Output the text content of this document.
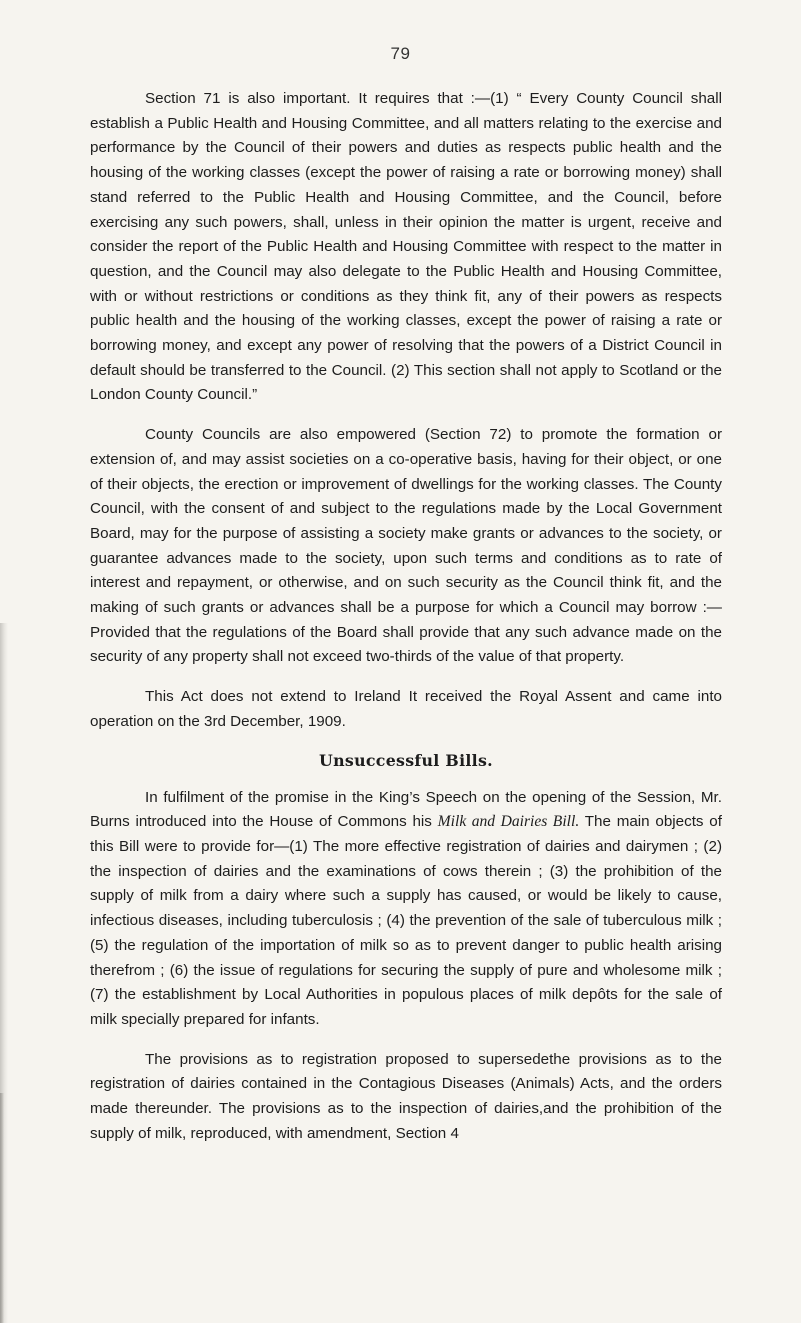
79

Section 71 is also important. It requires that :—(1) “ Every County Council shall establish a Public Health and Housing Committee, and all matters relating to the exercise and performance by the Council of their powers and duties as respects public health and the housing of the working classes (except the power of raising a rate or borrowing money) shall stand referred to the Public Health and Housing Committee, and the Council, before exercising any such powers, shall, unless in their opinion the matter is urgent, receive and consider the report of the Public Health and Housing Committee with respect to the matter in question, and the Council may also delegate to the Public Health and Housing Committee, with or without restrictions or conditions as they think fit, any of their powers as respects public health and the housing of the working classes, except the power of raising a rate or borrowing money, and except any power of resolving that the powers of a District Council in default should be transferred to the Council. (2) This section shall not apply to Scotland or the London County Council.”

County Councils are also empowered (Section 72) to promote the formation or extension of, and may assist societies on a co-operative basis, having for their object, or one of their objects, the erection or improvement of dwellings for the working classes. The County Council, with the consent of and subject to the regulations made by the Local Government Board, may for the purpose of assisting a society make grants or advances to the society, or guarantee advances made to the society, upon such terms and conditions as to rate of interest and repayment, or otherwise, and on such security as the Council think fit, and the making of such grants or advances shall be a purpose for which a Council may borrow :—Provided that the regulations of the Board shall provide that any such advance made on the security of any property shall not exceed two-thirds of the value of that property.

This Act does not extend to Ireland It received the Royal Assent and came into operation on the 3rd December, 1909.

Unsuccessful Bills.

In fulfilment of the promise in the King’s Speech on the opening of the Session, Mr. Burns introduced into the House of Commons his Milk and Dairies Bill. The main objects of this Bill were to provide for—(1) The more effective registration of dairies and dairymen ; (2) the inspection of dairies and the examinations of cows therein ; (3) the prohibition of the supply of milk from a dairy where such a supply has caused, or would be likely to cause, infectious diseases, including tuberculosis ; (4) the prevention of the sale of tuberculous milk ; (5) the regulation of the importation of milk so as to prevent danger to public health arising therefrom ; (6) the issue of regulations for securing the supply of pure and wholesome milk ; (7) the establishment by Local Authorities in populous places of milk depôts for the sale of milk specially prepared for infants.

The provisions as to registration proposed to supersedethe provisions as to the registration of dairies contained in the Contagious Diseases (Animals) Acts, and the orders made thereunder. The provisions as to the inspection of dairies,and the prohibition of the supply of milk, reproduced, with amendment, Section 4
